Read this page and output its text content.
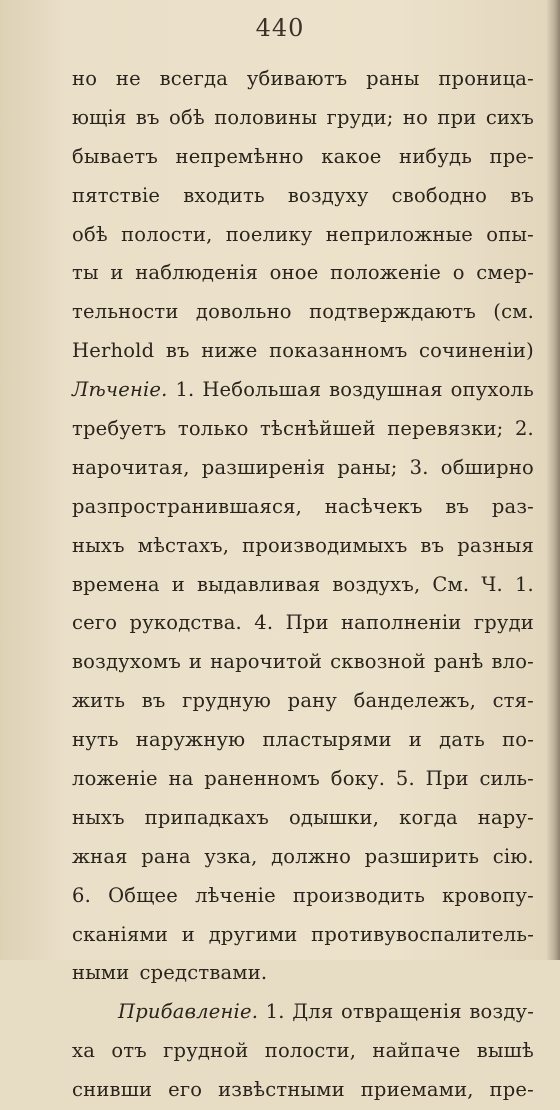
440
но не всегда убиваютъ раны проница-
ющія въ обѣ половины груди; но при сихъ
бываетъ непремѣнно какое нибудь пре-
пятствіе входить воздуху свободно въ
обѣ полости, поелику неприложные опы-
ты и наблюденія оное положеніе о смер-
тельности довольно подтверждаютъ (см.
Herhold въ ниже показанномъ сочиненіи)
Лѣченіе. 1. Небольшая воздушная опухоль
требуетъ только тѣснѣйшей перевязки; 2.
нарочитая, разширенія раны; 3. обширно
разпространившаяся, насѣчекъ въ раз-
ныхъ мѣстахъ, производимыхъ въ разныя
времена и выдавливая воздухъ, См. Ч. 1.
сего рукодства. 4. При наполненіи груди
воздухомъ и нарочитой сквозной ранѣ вло-
жить въ грудную рану бандележъ, стя-
нуть наружную пластырями и дать по-
ложеніе на раненномъ боку. 5. При силь-
ныхъ припадкахъ одышки, когда нару-
жная рана узка, должно разширить сію.
6. Общее лѣченіе производить кровопу-
сканіями и другими противувоспалитель-
ными средствами.
Прибавленіе. 1. Для отвращенія возду-
ха отъ грудной полости, найпаче вышѣ
снивши его извѣстными приемами, пре-
